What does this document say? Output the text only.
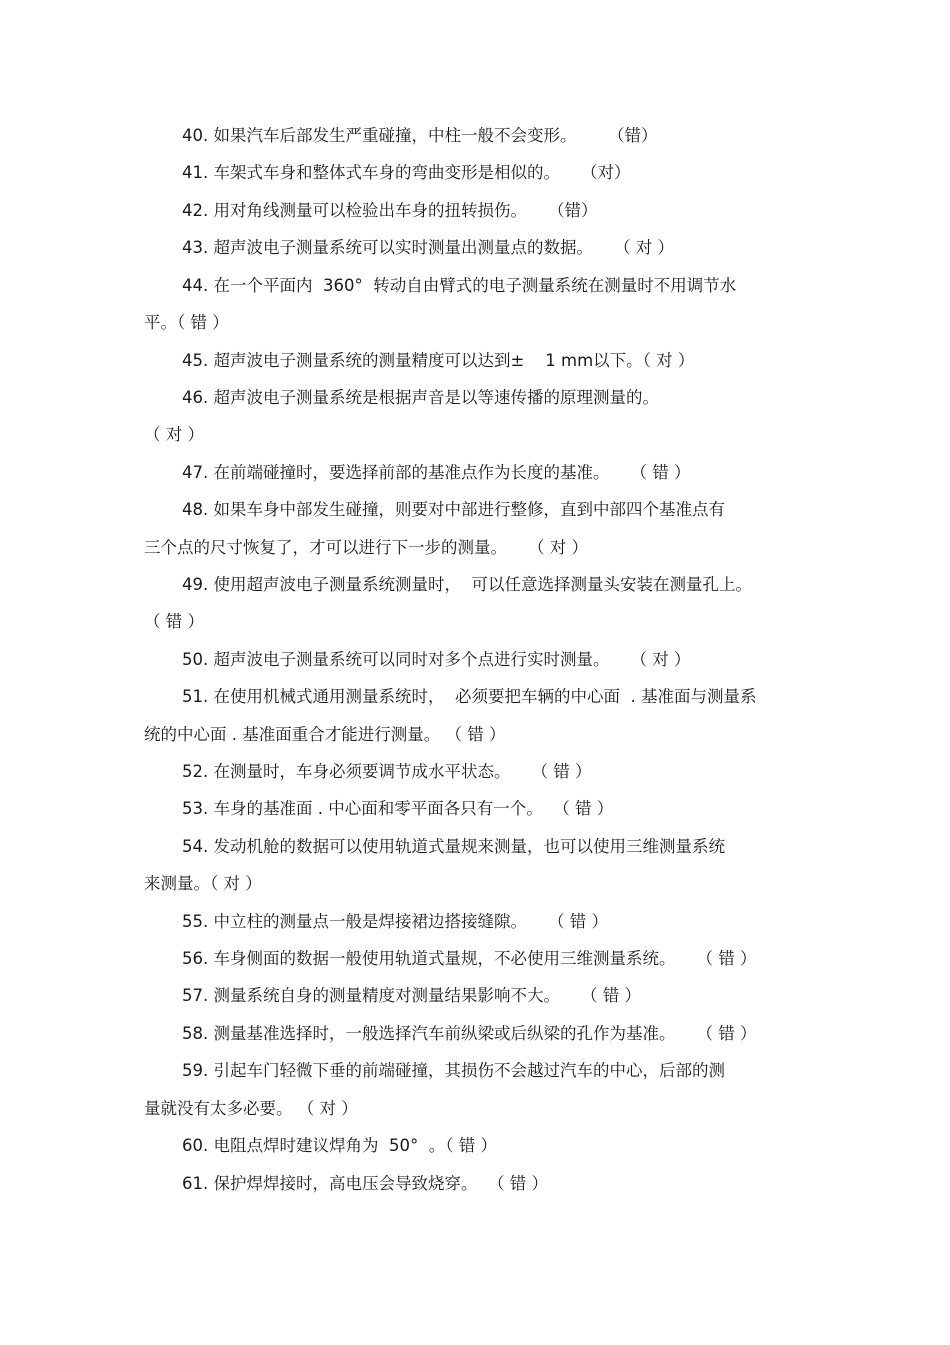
40. 如果汽车后部发生严重碰撞，中柱一般不会变形。      （错）
41. 车架式车身和整体式车身的弯曲变形是相似的。    （对）
42. 用对角线测量可以检验出车身的扭转损伤。    （错）
43. 超声波电子测量系统可以实时测量出测量点的数据。    （ 对 ）
44. 在一个平面内  360°  转动自由臂式的电子测量系统在测量时不用调节水
平。（ 错 ）
45. 超声波电子测量系统的测量精度可以达到±    1 mm以下。（ 对 ）
46. 超声波电子测量系统是根据声音是以等速传播的原理测量的。
（ 对 ）
47. 在前端碰撞时，要选择前部的基准点作为长度的基准。    （ 错 ）
48. 如果车身中部发生碰撞，则要对中部进行整修，直到中部四个基准点有
三个点的尺寸恢复了，才可以进行下一步的测量。    （ 对 ）
49. 使用超声波电子测量系统测量时，  可以任意选择测量头安装在测量孔上。
（ 错 ）
50. 超声波电子测量系统可以同时对多个点进行实时测量。    （ 对 ）
51. 在使用机械式通用测量系统时，  必须要把车辆的中心面  . 基准面与测量系
统的中心面 . 基准面重合才能进行测量。 （ 错 ）
52. 在测量时，车身必须要调节成水平状态。    （ 错 ）
53. 车身的基准面 . 中心面和零平面各只有一个。  （ 错 ）
54. 发动机舱的数据可以使用轨道式量规来测量，也可以使用三维测量系统
来测量。（ 对 ）
55. 中立柱的测量点一般是焊接裙边搭接缝隙。    （ 错 ）
56. 车身侧面的数据一般使用轨道式量规，不必使用三维测量系统。    （ 错 ）
57. 测量系统自身的测量精度对测量结果影响不大。    （ 错 ）
58. 测量基准选择时，一般选择汽车前纵梁或后纵梁的孔作为基准。    （ 错 ）
59. 引起车门轻微下垂的前端碰撞，其损伤不会越过汽车的中心，后部的测
量就没有太多必要。 （ 对 ）
60. 电阻点焊时建议焊角为  50°  。（ 错 ）
61. 保护焊焊接时，高电压会导致烧穿。  （ 错 ）
